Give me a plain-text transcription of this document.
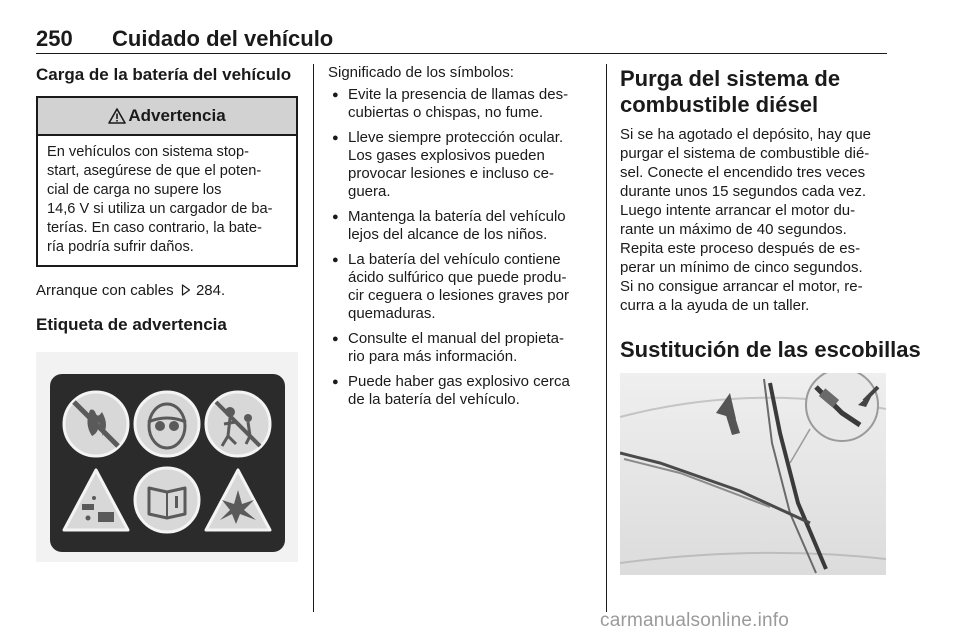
250 Cuidado del vehículo
Carga de la batería del vehículo
Advertencia
En vehículos con sistema stop-
start, asegúrese de que el poten-
cial de carga no supere los
14,6 V si utiliza un cargador de ba-
terías. En caso contrario, la bate-
ría podría sufrir daños.
Arranque con cables 284.
Etiqueta de advertencia
Significado de los símbolos:
● Evite la presencia de llamas des-
cubiertas o chispas, no fume.
● Lleve siempre protección ocular.
Los gases explosivos pueden
provocar lesiones e incluso ce-
guera.
● Mantenga la batería del vehículo
lejos del alcance de los niños.
● La batería del vehículo contiene
ácido sulfúrico que puede produ-
cir ceguera o lesiones graves por
quemaduras.
● Consulte el manual del propieta-
rio para más información.
● Puede haber gas explosivo cerca
de la batería del vehículo.
Purga del sistema de
combustible diésel
Si se ha agotado el depósito, hay que
purgar el sistema de combustible dié-
sel. Conecte el encendido tres veces
durante unos 15 segundos cada vez.
Luego intente arrancar el motor du-
rante un máximo de 40 segundos.
Repita este proceso después de es-
perar un mínimo de cinco segundos.
Si no consigue arrancar el motor, re-
curra a la ayuda de un taller.
Sustitución de las escobillas
carmanualsonline.info
